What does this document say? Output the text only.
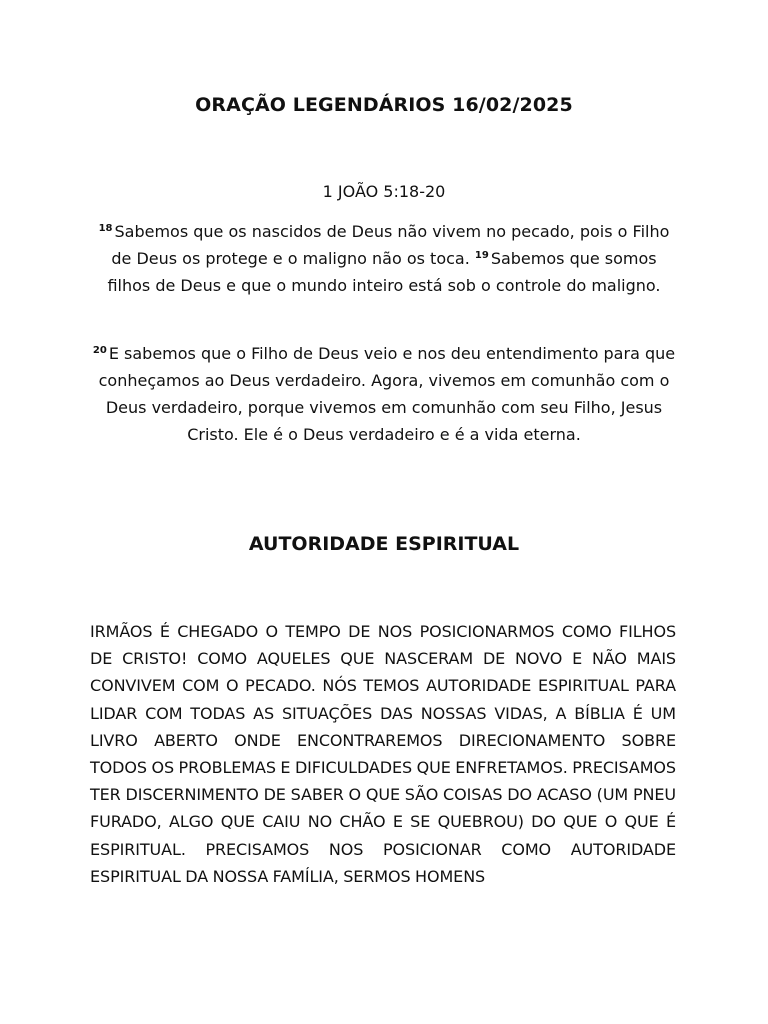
ORAÇÃO LEGENDÁRIOS 16/02/2025
1 JOÃO 5:18-20
$^{18}$ Sabemos que os nascidos de Deus não vivem no pecado, pois o Filho de Deus os protege e o maligno não os toca. $^{19}$ Sabemos que somos filhos de Deus e que o mundo inteiro está sob o controle do maligno.
$^{20}$ E sabemos que o Filho de Deus veio e nos deu entendimento para que conheçamos ao Deus verdadeiro. Agora, vivemos em comunhão com o Deus verdadeiro, porque vivemos em comunhão com seu Filho, Jesus Cristo. Ele é o Deus verdadeiro e é a vida eterna.
AUTORIDADE ESPIRITUAL
IRMÃOS É CHEGADO O TEMPO DE NOS POSICIONARMOS COMO FILHOS DE CRISTO! COMO AQUELES QUE NASCERAM DE NOVO E NÃO MAIS CONVIVEM COM O PECADO. NÓS TEMOS AUTORIDADE ESPIRITUAL PARA LIDAR COM TODAS AS SITUAÇÕES DAS NOSSAS VIDAS, A BÍBLIA É UM LIVRO ABERTO ONDE ENCONTRAREMOS DIRECIONAMENTO SOBRE TODOS OS PROBLEMAS E DIFICULDADES QUE ENFRETAMOS. PRECISAMOS TER DISCERNIMENTO DE SABER O QUE SÃO COISAS DO ACASO (UM PNEU FURADO, ALGO QUE CAIU NO CHÃO E SE QUEBROU) DO QUE O QUE É ESPIRITUAL. PRECISAMOS NOS POSICIONAR COMO AUTORIDADE ESPIRITUAL DA NOSSA FAMÍLIA, SERMOS HOMENS
